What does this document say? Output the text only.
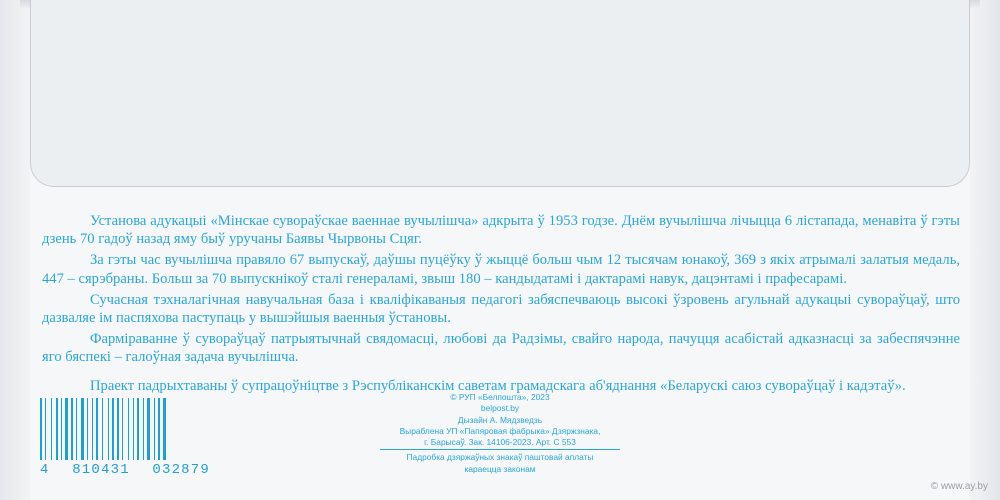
Установа адукацыі «Мінскае суворaўскае ваеннае вучылішча» адкрыта ў 1953 годзе. Днём вучылішча лічыцца 6 лістапада, менавіта ў гэты дзень 70 гадоў назад яму быў уручаны Баявы Чырвоны Сцяг.

За гэты час вучылішча правяло 67 выпускаў, даўшы пуцёўку ў жыццё больш чым 12 тысячам юнакоў, 369 з якіх атрымалі залатыя медаль, 447 – сярэбраны. Больш за 70 выпускнікоў сталі генераламі, звыш 180 – кандыдатамі і дактарамі навук, дацэнтамі і прафесарамі.

Сучасная тэхналагічная навучальная база і кваліфікаваныя педагогі забяспечваюць высокі ўзровень агульнай адукацыі суворaўцаў, што дазваляе ім паспяхова паступаць у вышэйшыя ваенныя ўстановы.

Фарміраванне ў суворaўцаў патрыятычнай свядомасці, любові да Радзімы, свайго народа, пачуцця асабістай адказнасці за забеспячэнне яго бяспекі – галоўная задача вучылішча.

Праект падрыхтаваны ў супрацоўніцтве з Рэспубліканскім саветам грамадскага аб'яднання «Беларускі саюз суворaўцаў і кадэтаў».

4 810431 032879
© РУП «Белпошта», 2023
belpost.by
Дызайн А. Мядзведзь
Выраблена УП «Папяровая фабрыка» Дзяржзнака,
г. Барысаў. Зак. 14106-2023. Арт. С 553
Падробка дзяржаўных знакаў паштовай аплаты
караецца законам
© www.ay.by
